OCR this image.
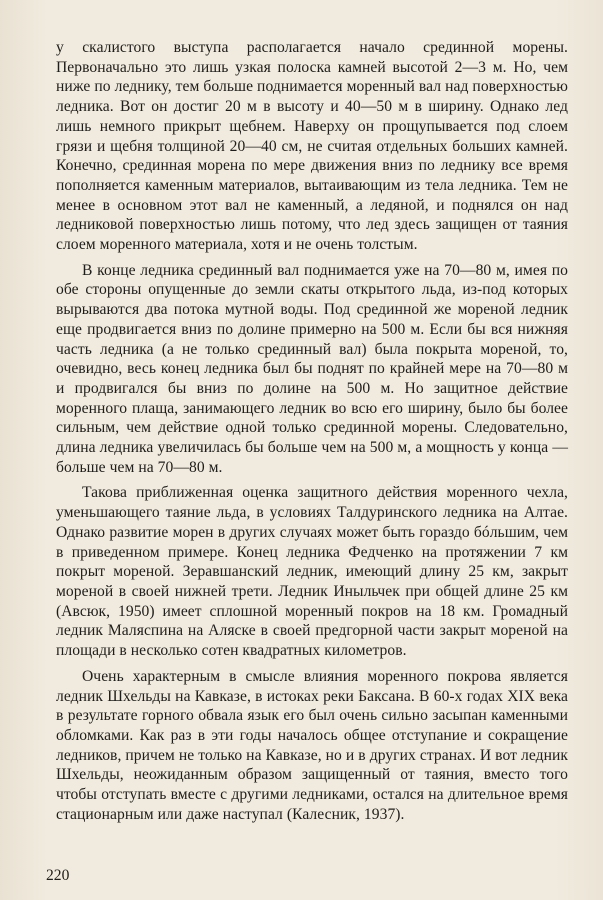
у скалистого выступа располагается начало срединной морены. Первоначально это лишь узкая полоска камней высотой 2—3 м. Но, чем ниже по леднику, тем больше поднимается моренный вал над поверхностью ледника. Вот он достиг 20 м в высоту и 40—50 м в ширину. Однако лед лишь немного прикрыт щебнем. Наверху он прощупывается под слоем грязи и щебня толщиной 20—40 см, не считая отдельных больших камней. Конечно, срединная морена по мере движения вниз по леднику все время пополняется каменным материалов, вытаивающим из тела ледника. Тем не менее в основном этот вал не каменный, а ледяной, и поднялся он над ледниковой поверхностью лишь потому, что лед здесь защищен от таяния слоем моренного материала, хотя и не очень толстым.

В конце ледника срединный вал поднимается уже на 70—80 м, имея по обе стороны опущенные до земли скаты открытого льда, из-под которых вырываются два потока мутной воды. Под срединной же мореной ледник еще продвигается вниз по долине примерно на 500 м. Если бы вся нижняя часть ледника (а не только срединный вал) была покрыта мореной, то, очевидно, весь конец ледника был бы поднят по крайней мере на 70—80 м и продвигался бы вниз по долине на 500 м. Но защитное действие моренного плаща, занимающего ледник во всю его ширину, было бы более сильным, чем действие одной только срединной морены. Следовательно, длина ледника увеличилась бы больше чем на 500 м, а мощность у конца — больше чем на 70—80 м.

Такова приближенная оценка защитного действия моренного чехла, уменьшающего таяние льда, в условиях Талдуринского ледника на Алтае. Однако развитие морен в других случаях может быть гораздо бóльшим, чем в приведенном примере. Конец ледника Федченко на протяжении 7 км покрыт мореной. Зеравшанский ледник, имеющий длину 25 км, закрыт мореной в своей нижней трети. Ледник Иныльчек при общей длине 25 км (Авсюк, 1950) имеет сплошной моренный покров на 18 км. Громадный ледник Маляспина на Аляске в своей предгорной части закрыт мореной на площади в несколько сотен квадратных километров.

Очень характерным в смысле влияния моренного покрова является ледник Шхельды на Кавказе, в истоках реки Баксана. В 60-х годах XIX века в результате горного обвала язык его был очень сильно засыпан каменными обломками. Как раз в эти годы началось общее отступание и сокращение ледников, причем не только на Кавказе, но и в других странах. И вот ледник Шхельды, неожиданным образом защищенный от таяния, вместо того чтобы отступать вместе с другими ледниками, остался на длительное время стационарным или даже наступал (Калесник, 1937).

220
